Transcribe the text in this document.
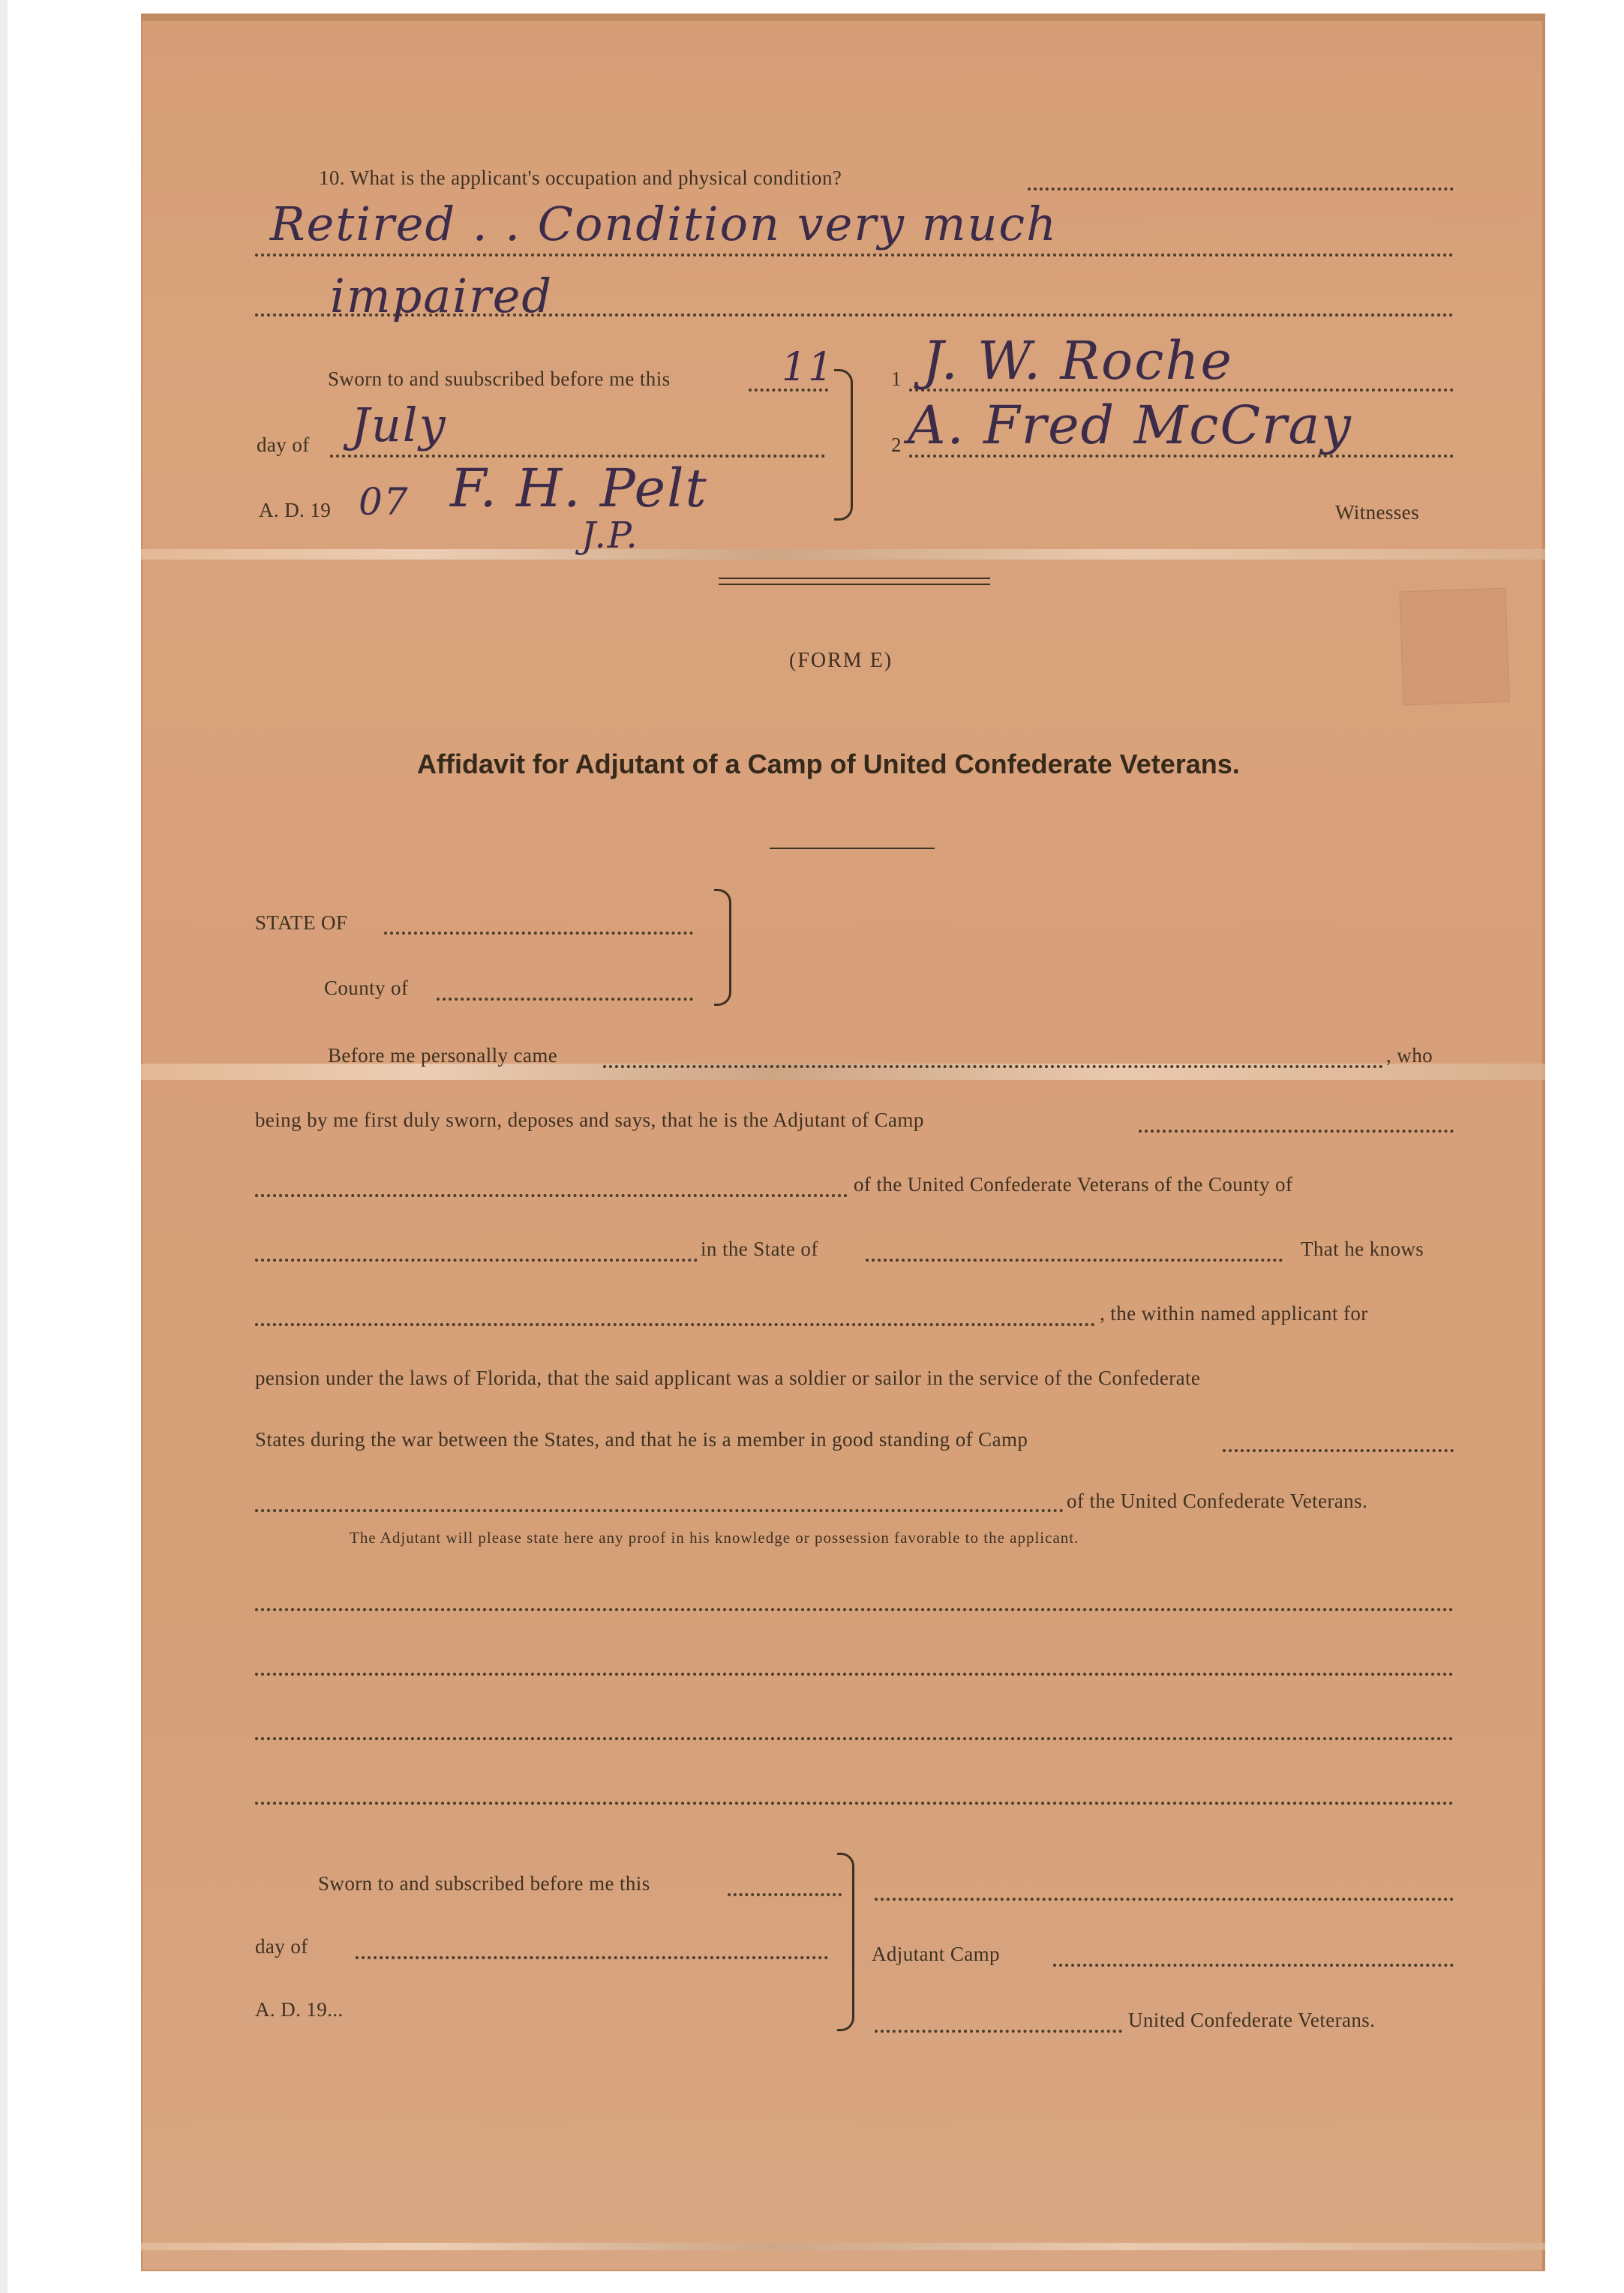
10. What is the applicant's occupation and physical condition?
Retired . . Condition very much
impaired
Sworn to and suubscribed before me this	11
day of July
A. D. 19 07 F. H. Pelt
J.P.
1 J. W. Roche
2 A. Fred McCray
Witnesses
(FORM E)
Affidavit for Adjutant of a Camp of United Confederate Veterans.
STATE OF
County of
Before me personally came	, who
being by me first duly sworn, deposes and says, that he is the Adjutant of Camp
of the United Confederate Veterans of the County of
in the State of	That he knows
, the within named applicant for
pension under the laws of Florida, that the said applicant was a soldier or sailor in the service of the Confederate
States during the war between the States, and that he is a member in good standing of Camp
of the United Confederate Veterans.
The Adjutant will please state here any proof in his knowledge or possession favorable to the applicant.
Sworn to and subscribed before me this
day of
A. D. 19...
Adjutant Camp
United Confederate Veterans.
